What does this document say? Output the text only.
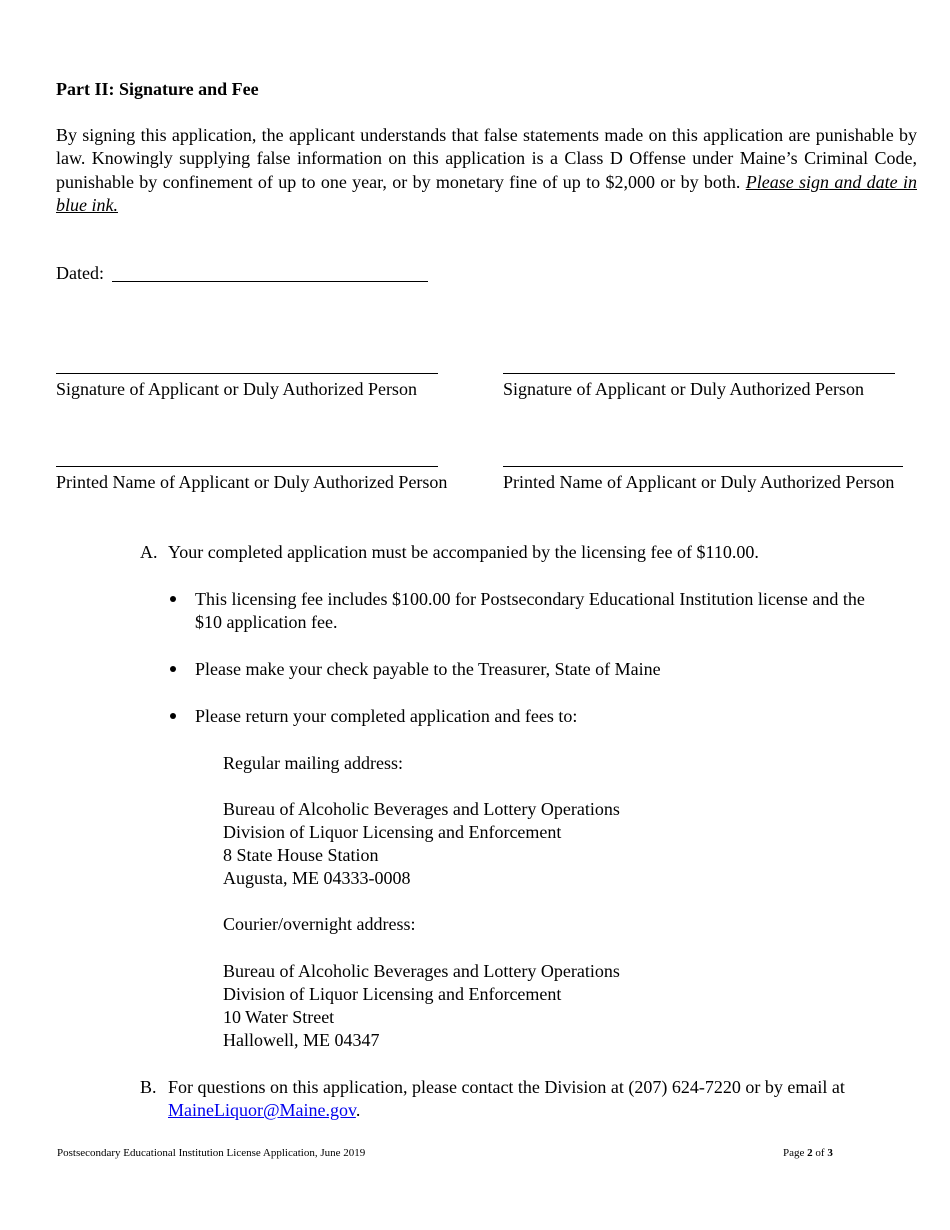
Part II: Signature and Fee
By signing this application, the applicant understands that false statements made on this application are punishable by law. Knowingly supplying false information on this application is a Class D Offense under Maine’s Criminal Code, punishable by confinement of up to one year, or by monetary fine of up to $2,000 or by both. Please sign and date in blue ink.
Dated:
Signature of Applicant or Duly Authorized Person	Signature of Applicant or Duly Authorized Person
Printed Name of Applicant or Duly Authorized Person	Printed Name of Applicant or Duly Authorized Person
A. Your completed application must be accompanied by the licensing fee of $110.00.
This licensing fee includes $100.00 for Postsecondary Educational Institution license and the
$10 application fee.
Please make your check payable to the Treasurer, State of Maine
Please return your completed application and fees to:
Regular mailing address:
Bureau of Alcoholic Beverages and Lottery Operations
Division of Liquor Licensing and Enforcement
8 State House Station
Augusta, ME 04333-0008
Courier/overnight address:
Bureau of Alcoholic Beverages and Lottery Operations
Division of Liquor Licensing and Enforcement
10 Water Street
Hallowell, ME 04347
B. For questions on this application, please contact the Division at (207) 624-7220 or by email at
MaineLiquor@Maine.gov.
Postsecondary Educational Institution License Application, June 2019	Page 2 of 3
